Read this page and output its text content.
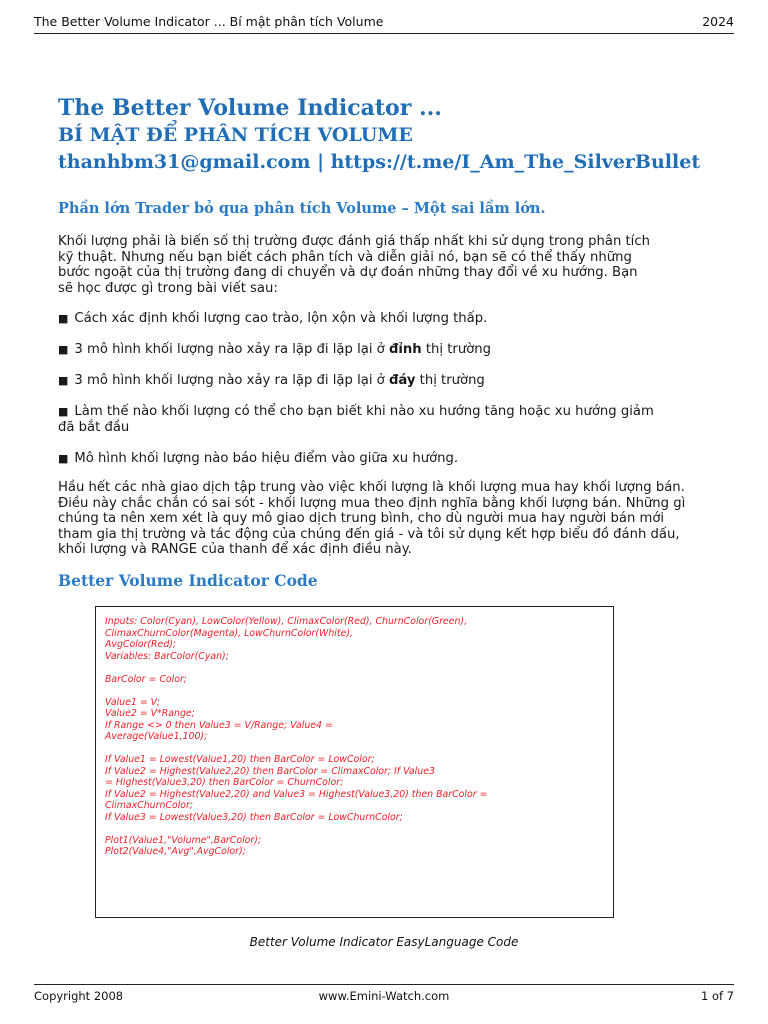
The Better Volume Indicator ... Bí mật phân tích Volume	2024
The Better Volume Indicator ...
BÍ MẬT ĐỂ PHÂN TÍCH VOLUME
thanhbm31@gmail.com | https://t.me/I_Am_The_SilverBullet
Phần lớn Trader bỏ qua phân tích Volume – Một sai lầm lớn.
Khối lượng phải là biến số thị trường được đánh giá thấp nhất khi sử dụng trong phân tích
kỹ thuật. Nhưng nếu bạn biết cách phân tích và diễn giải nó, bạn sẽ có thể thấy những
bước ngoặt của thị trường đang di chuyển và dự đoán những thay đổi về xu hướng. Bạn
sẽ học được gì trong bài viết sau:
■ Cách xác định khối lượng cao trào, lộn xộn và khối lượng thấp.
■ 3 mô hình khối lượng nào xảy ra lặp đi lặp lại ở đỉnh thị trường
■ 3 mô hình khối lượng nào xảy ra lặp đi lặp lại ở đáy thị trường
■ Làm thế nào khối lượng có thể cho bạn biết khi nào xu hướng tăng hoặc xu hướng giảm
đã bắt đầu
■ Mô hình khối lượng nào báo hiệu điểm vào giữa xu hướng.
Hầu hết các nhà giao dịch tập trung vào việc khối lượng là khối lượng mua hay khối lượng bán.
Điều này chắc chắn có sai sót - khối lượng mua theo định nghĩa bằng khối lượng bán. Những gì
chúng ta nên xem xét là quy mô giao dịch trung bình, cho dù người mua hay người bán mới
tham gia thị trường và tác động của chúng đến giá - và tôi sử dụng kết hợp biểu đồ đánh dấu,
khối lượng và RANGE của thanh để xác định điều này.
Better Volume Indicator Code
Inputs: Color(Cyan), LowColor(Yellow), ClimaxColor(Red), ChurnColor(Green),
ClimaxChurnColor(Magenta), LowChurnColor(White),
AvgColor(Red);
Variables: BarColor(Cyan);
BarColor = Color;
Value1 = V;
Value2 = V*Range;
If Range <> 0 then Value3 = V/Range; Value4 =
Average(Value1,100);
If Value1 = Lowest(Value1,20) then BarColor = LowColor;
If Value2 = Highest(Value2,20) then BarColor = ClimaxColor; If Value3
= Highest(Value3,20) then BarColor = ChurnColor;
If Value2 = Highest(Value2,20) and Value3 = Highest(Value3,20) then BarColor =
ClimaxChurnColor;
If Value3 = Lowest(Value3,20) then BarColor = LowChurnColor;
Plot1(Value1,"Volume",BarColor);
Plot2(Value4,"Avg",AvgColor);
Better Volume Indicator EasyLanguage Code
Copyright 2008	www.Emini-Watch.com	1 of 7
